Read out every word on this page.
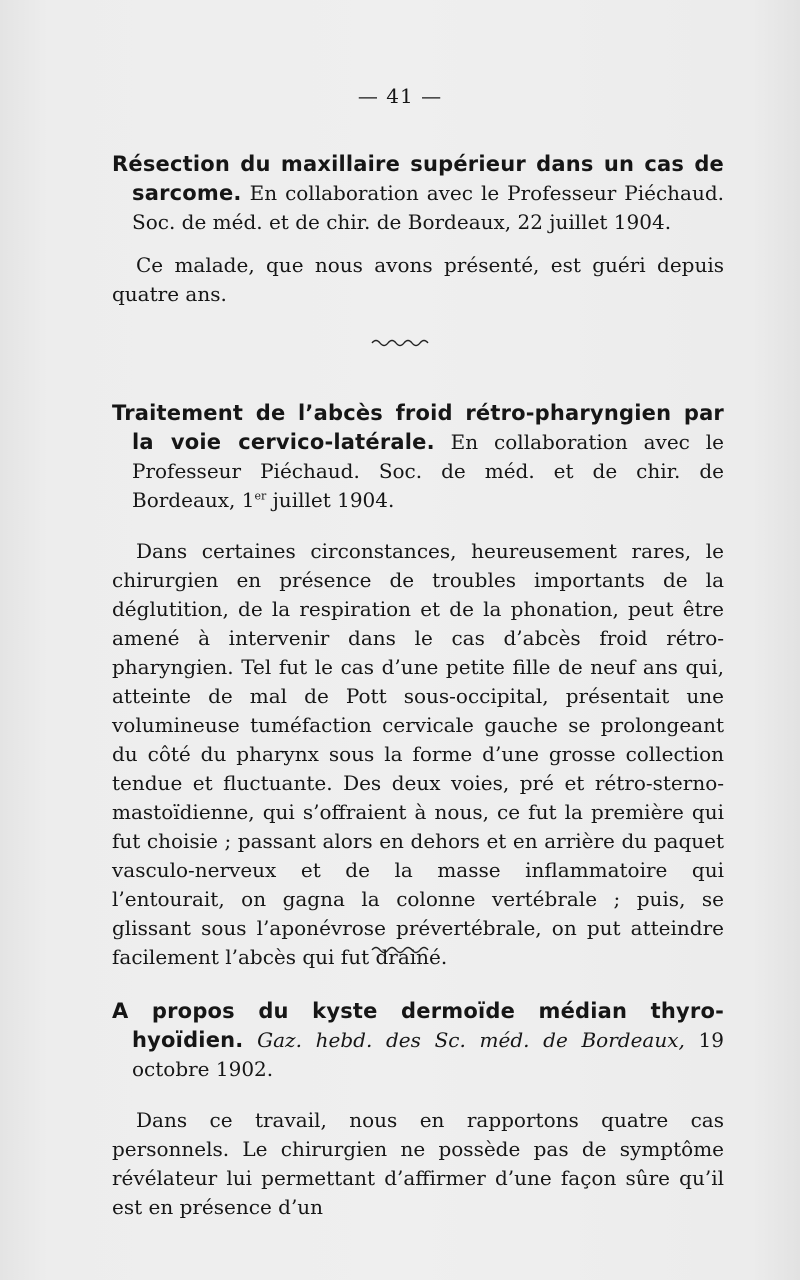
— 41 —

Résection du maxillaire supérieur dans un cas de sarcome. En collaboration avec le Professeur Piéchaud. Soc. de méd. et de chir. de Bordeaux, 22 juillet 1904.

Ce malade, que nous avons présenté, est guéri depuis quatre ans.

Traitement de l’abcès froid rétro-pharyngien par la voie cervico-latérale. En collaboration avec le Professeur Piéchaud. Soc. de méd. et de chir. de Bordeaux, 1er juillet 1904.

Dans certaines circonstances, heureusement rares, le chirurgien en présence de troubles importants de la déglutition, de la respiration et de la phonation, peut être amené à intervenir dans le cas d’abcès froid rétro-pharyngien. Tel fut le cas d’une petite fille de neuf ans qui, atteinte de mal de Pott sous-occipital, présentait une volumineuse tuméfaction cervicale gauche se prolongeant du côté du pharynx sous la forme d’une grosse collection tendue et fluctuante. Des deux voies, pré et rétro-sterno-mastoïdienne, qui s’offraient à nous, ce fut la première qui fut choisie ; passant alors en dehors et en arrière du paquet vasculo-nerveux et de la masse inflammatoire qui l’entourait, on gagna la colonne vertébrale ; puis, se glissant sous l’aponévrose prévertébrale, on put atteindre facilement l’abcès qui fut drainé.

A propos du kyste dermoïde médian thyro-hyoïdien. Gaz. hebd. des Sc. méd. de Bordeaux, 19 octobre 1902.

Dans ce travail, nous en rapportons quatre cas personnels. Le chirurgien ne possède pas de symptôme révélateur lui permettant d’affirmer d’une façon sûre qu’il est en présence d’un
